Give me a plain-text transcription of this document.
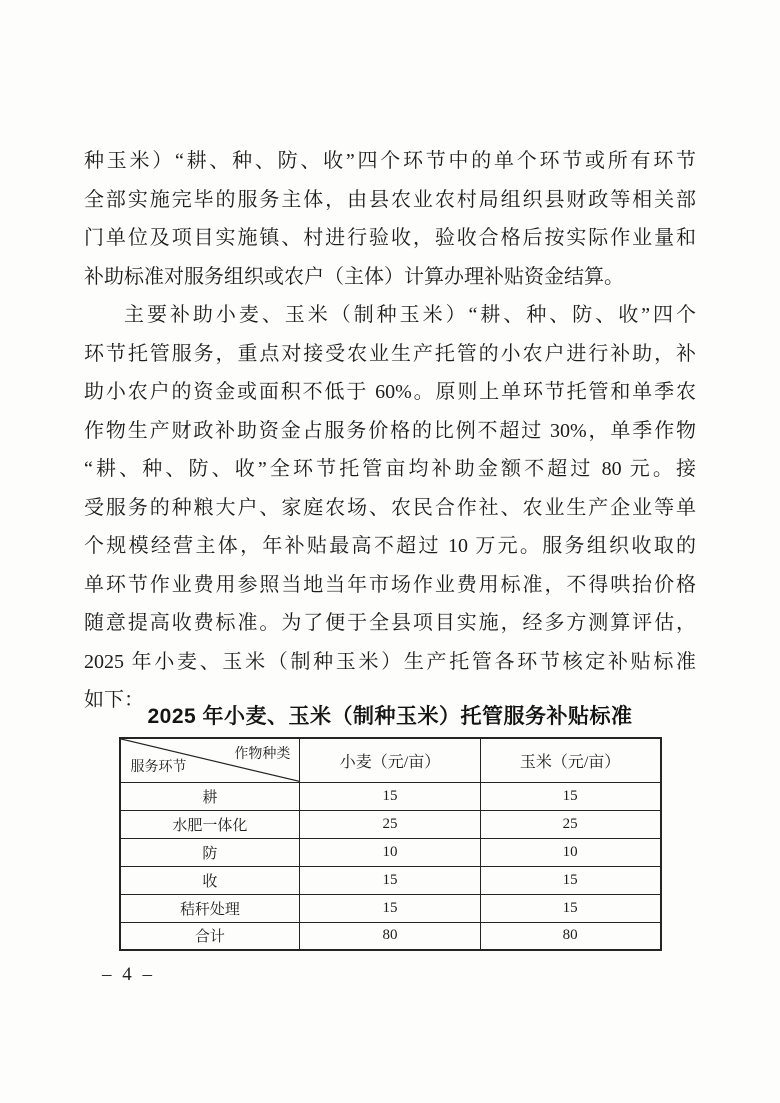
种玉米）“耕、种、防、收”四个环节中的单个环节或所有环节
全部实施完毕的服务主体，由县农业农村局组织县财政等相关部
门单位及项目实施镇、村进行验收，验收合格后按实际作业量和
补助标准对服务组织或农户（主体）计算办理补贴资金结算。
主要补助小麦、玉米（制种玉米）“耕、种、防、收”四个
环节托管服务，重点对接受农业生产托管的小农户进行补助，补
助小农户的资金或面积不低于 60%。原则上单环节托管和单季农
作物生产财政补助资金占服务价格的比例不超过 30%，单季作物
“耕、种、防、收”全环节托管亩均补助金额不超过 80 元。接
受服务的种粮大户、家庭农场、农民合作社、农业生产企业等单
个规模经营主体，年补贴最高不超过 10 万元。服务组织收取的
单环节作业费用参照当地当年市场作业费用标准，不得哄抬价格
随意提高收费标准。为了便于全县项目实施，经多方测算评估，
2025 年小麦、玉米（制种玉米）生产托管各环节核定补贴标准
如下：
2025 年小麦、玉米（制种玉米）托管服务补贴标准
作物种类
服务环节	小麦（元/亩）	玉米（元/亩）
耕	15	15
水肥一体化	25	25
防	10	10
收	15	15
秸秆处理	15	15
合计	80	80
– 4 –
